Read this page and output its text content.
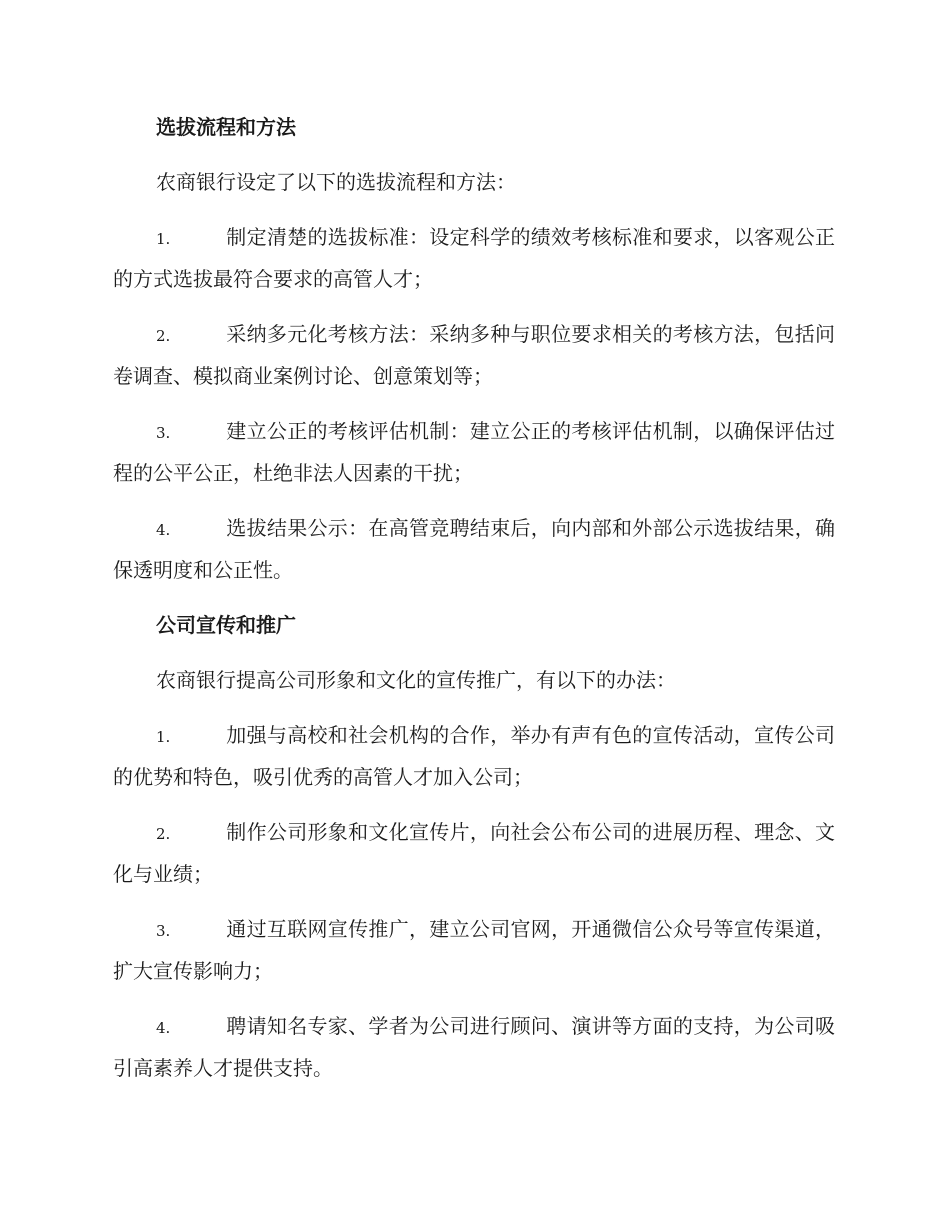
选拔流程和方法

农商银行设定了以下的选拔流程和方法：

1.	制定清楚的选拔标准：设定科学的绩效考核标准和要求，以客观公正的方式选拔最符合要求的高管人才；

2.	采纳多元化考核方法：采纳多种与职位要求相关的考核方法，包括问卷调查、模拟商业案例讨论、创意策划等；

3.	建立公正的考核评估机制：建立公正的考核评估机制，以确保评估过程的公平公正，杜绝非法人因素的干扰；

4.	选拔结果公示：在高管竞聘结束后，向内部和外部公示选拔结果，确保透明度和公正性。

公司宣传和推广

农商银行提高公司形象和文化的宣传推广，有以下的办法：

1.	加强与高校和社会机构的合作，举办有声有色的宣传活动，宣传公司的优势和特色，吸引优秀的高管人才加入公司；

2.	制作公司形象和文化宣传片，向社会公布公司的进展历程、理念、文化与业绩；

3.	通过互联网宣传推广，建立公司官网，开通微信公众号等宣传渠道，扩大宣传影响力；

4.	聘请知名专家、学者为公司进行顾问、演讲等方面的支持，为公司吸引高素养人才提供支持。
